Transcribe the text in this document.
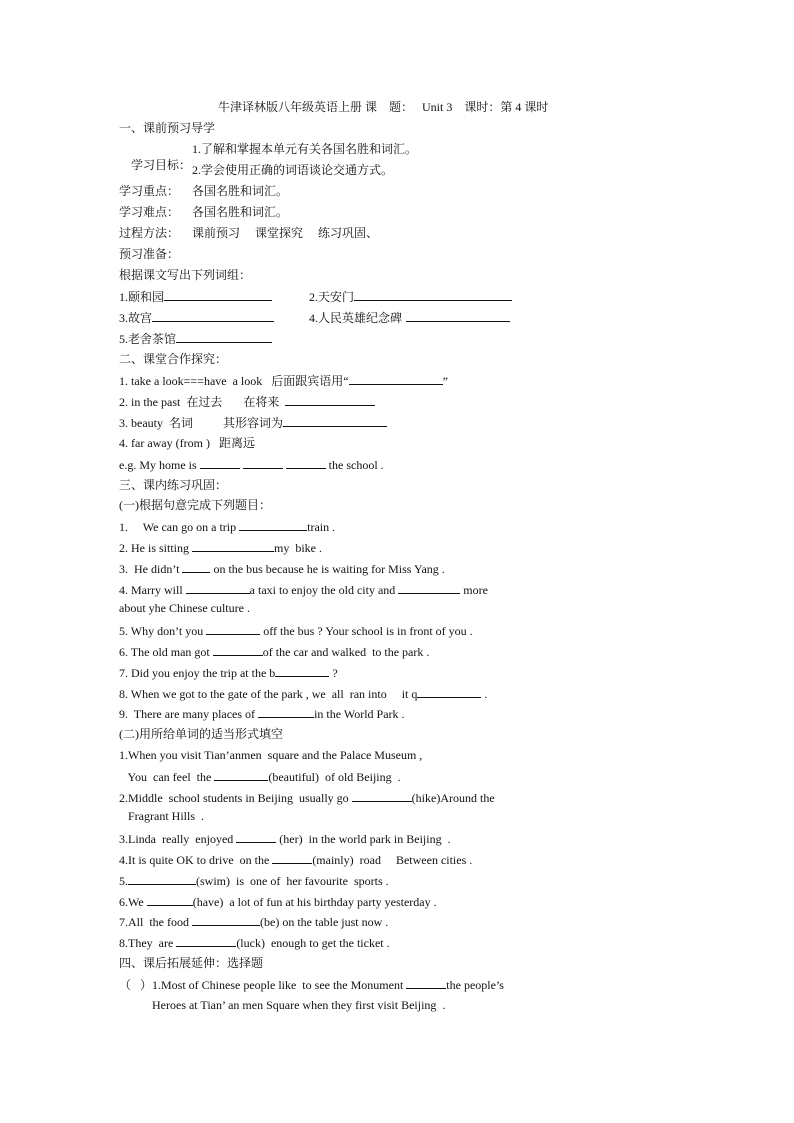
牛津译林版八年级英语上册 课    题：   Unit 3    课时：第 4 课时
一、课前预习导学

学习目标：

1.了解和掌握本单元有关各国名胜和词汇。
2.学会使用正确的词语谈论交通方式。
学习重点： 各国名胜和词汇。
学习难点： 各国名胜和词汇。
过程方法： 课前预习     课堂探究     练习巩固、
预习准备：
根据课文写出下列词组：
1.颐和园	2.天安门
3.故宫	4.人民英雄纪念碑
5.老舍茶馆
二、课堂合作探究：
1. take a look===have  a look   后面跟宾语用“	”
2. in the past  在过去       在将来
3. beauty  名词          其形容词为
4. far away (from )   距离远
e.g. My home is	the school .
三、课内练习巩固：
(一)根据句意完成下列题目：
1.     We can go on a trip	train .
2. He is sitting	my  bike .
3.  He didn’t	on the bus because he is waiting for Miss Yang .
4. Marry will	a taxi to enjoy the old city and	more
about yhe Chinese culture .
5. Why don’t you	off the bus ? Your school is in front of you .
6. The old man got	of the car and walked  to the park .
7. Did you enjoy the trip at the b	?
8. When we got to the gate of the park , we  all  ran into     it q	.
9.  There are many places of	in the World Park .
(二)用所给单词的适当形式填空
1.When you visit Tian’anmen  square and the Palace Museum ,
You  can feel  the	(beautiful)  of old Beijing  .
2.Middle  school students in Beijing  usually go	(hike)Around the
Fragrant Hills  .
3.Linda  really  enjoyed	(her)  in the world park in Beijing  .
4.It is quite OK to drive  on the	(mainly)  road     Between cities .
5.	(swim)  is  one of  her favourite  sports .
6.We	(have)  a lot of fun at his birthday party yesterday .
7.All  the food	(be) on the table just now .
8.They  are	(luck)  enough to get the ticket .
四、课后拓展延伸：选择题
（   ）1.Most of Chinese people like  to see the Monument	the people’s
Heroes at Tian’ an men Square when they first visit Beijing  .
